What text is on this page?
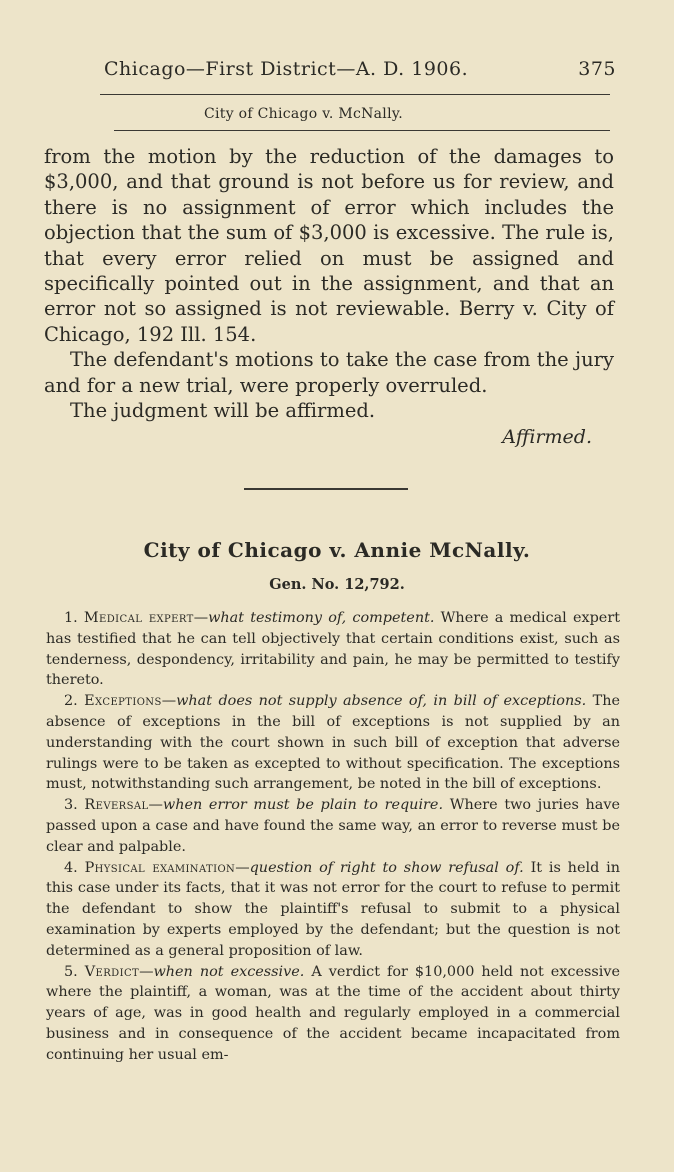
Chicago—First District—A. D. 1906.	375
City of Chicago v. McNally.

from the motion by the reduction of the damages to $3,000, and that ground is not before us for review, and there is no assignment of error which includes the objection that the sum of $3,000 is excessive. The rule is, that every error relied on must be assigned and specifically pointed out in the assignment, and that an error not so assigned is not reviewable. Berry v. City of Chicago, 192 Ill. 154.

The defendant's motions to take the case from the jury and for a new trial, were properly overruled.

The judgment will be affirmed.

Affirmed.
City of Chicago v. Annie McNally.
Gen. No. 12,792.

1. Medical expert—what testimony of, competent. Where a medical expert has testified that he can tell objectively that certain conditions exist, such as tenderness, despondency, irritability and pain, he may be permitted to testify thereto.

2. Exceptions—what does not supply absence of, in bill of exceptions. The absence of exceptions in the bill of exceptions is not supplied by an understanding with the court shown in such bill of exception that adverse rulings were to be taken as excepted to without specification. The exceptions must, notwithstanding such arrangement, be noted in the bill of exceptions.

3. Reversal—when error must be plain to require. Where two juries have passed upon a case and have found the same way, an error to reverse must be clear and palpable.

4. Physical examination—question of right to show refusal of. It is held in this case under its facts, that it was not error for the court to refuse to permit the defendant to show the plaintiff's refusal to submit to a physical examination by experts employed by the defendant; but the question is not determined as a general proposition of law.

5. Verdict—when not excessive. A verdict for $10,000 held not excessive where the plaintiff, a woman, was at the time of the accident about thirty years of age, was in good health and regularly employed in a commercial business and in consequence of the accident became incapacitated from continuing her usual em-
